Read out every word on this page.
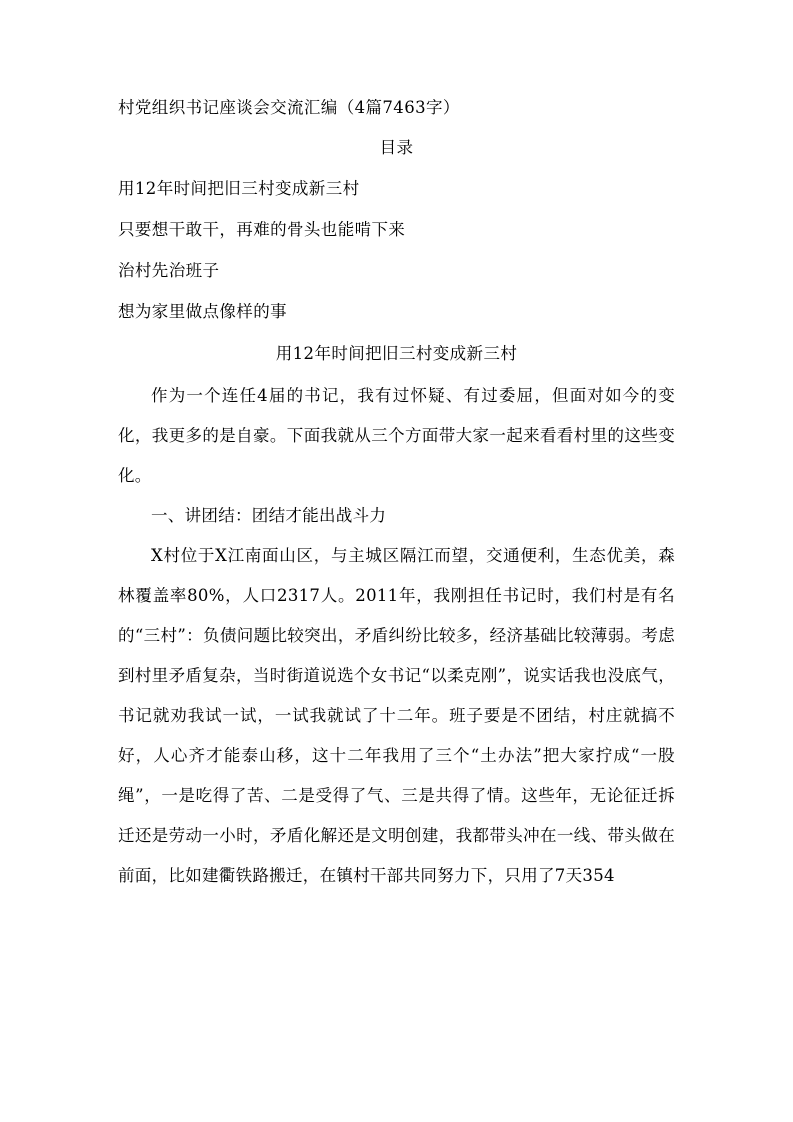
村党组织书记座谈会交流汇编（4篇7463字）
目录
用12年时间把旧三村变成新三村
只要想干敢干，再难的骨头也能啃下来
治村先治班子
想为家里做点像样的事
用12年时间把旧三村变成新三村

作为一个连任4届的书记，我有过怀疑、有过委屈，但面对如今的变化，我更多的是自豪。下面我就从三个方面带大家一起来看看村里的这些变化。

一、讲团结：团结才能出战斗力

X村位于X江南面山区，与主城区隔江而望，交通便利，生态优美，森林覆盖率80%，人口2317人。2011年，我刚担任书记时，我们村是有名的“三村”：负债问题比较突出，矛盾纠纷比较多，经济基础比较薄弱。考虑到村里矛盾复杂，当时街道说选个女书记“以柔克刚”，说实话我也没底气，书记就劝我试一试，一试我就试了十二年。班子要是不团结，村庄就搞不好，人心齐才能泰山移，这十二年我用了三个“土办法”把大家拧成“一股绳”，一是吃得了苦、二是受得了气、三是共得了情。这些年，无论征迁拆迁还是劳动一小时，矛盾化解还是文明创建，我都带头冲在一线、带头做在前面，比如建衢铁路搬迁，在镇村干部共同努力下，只用了7天354
